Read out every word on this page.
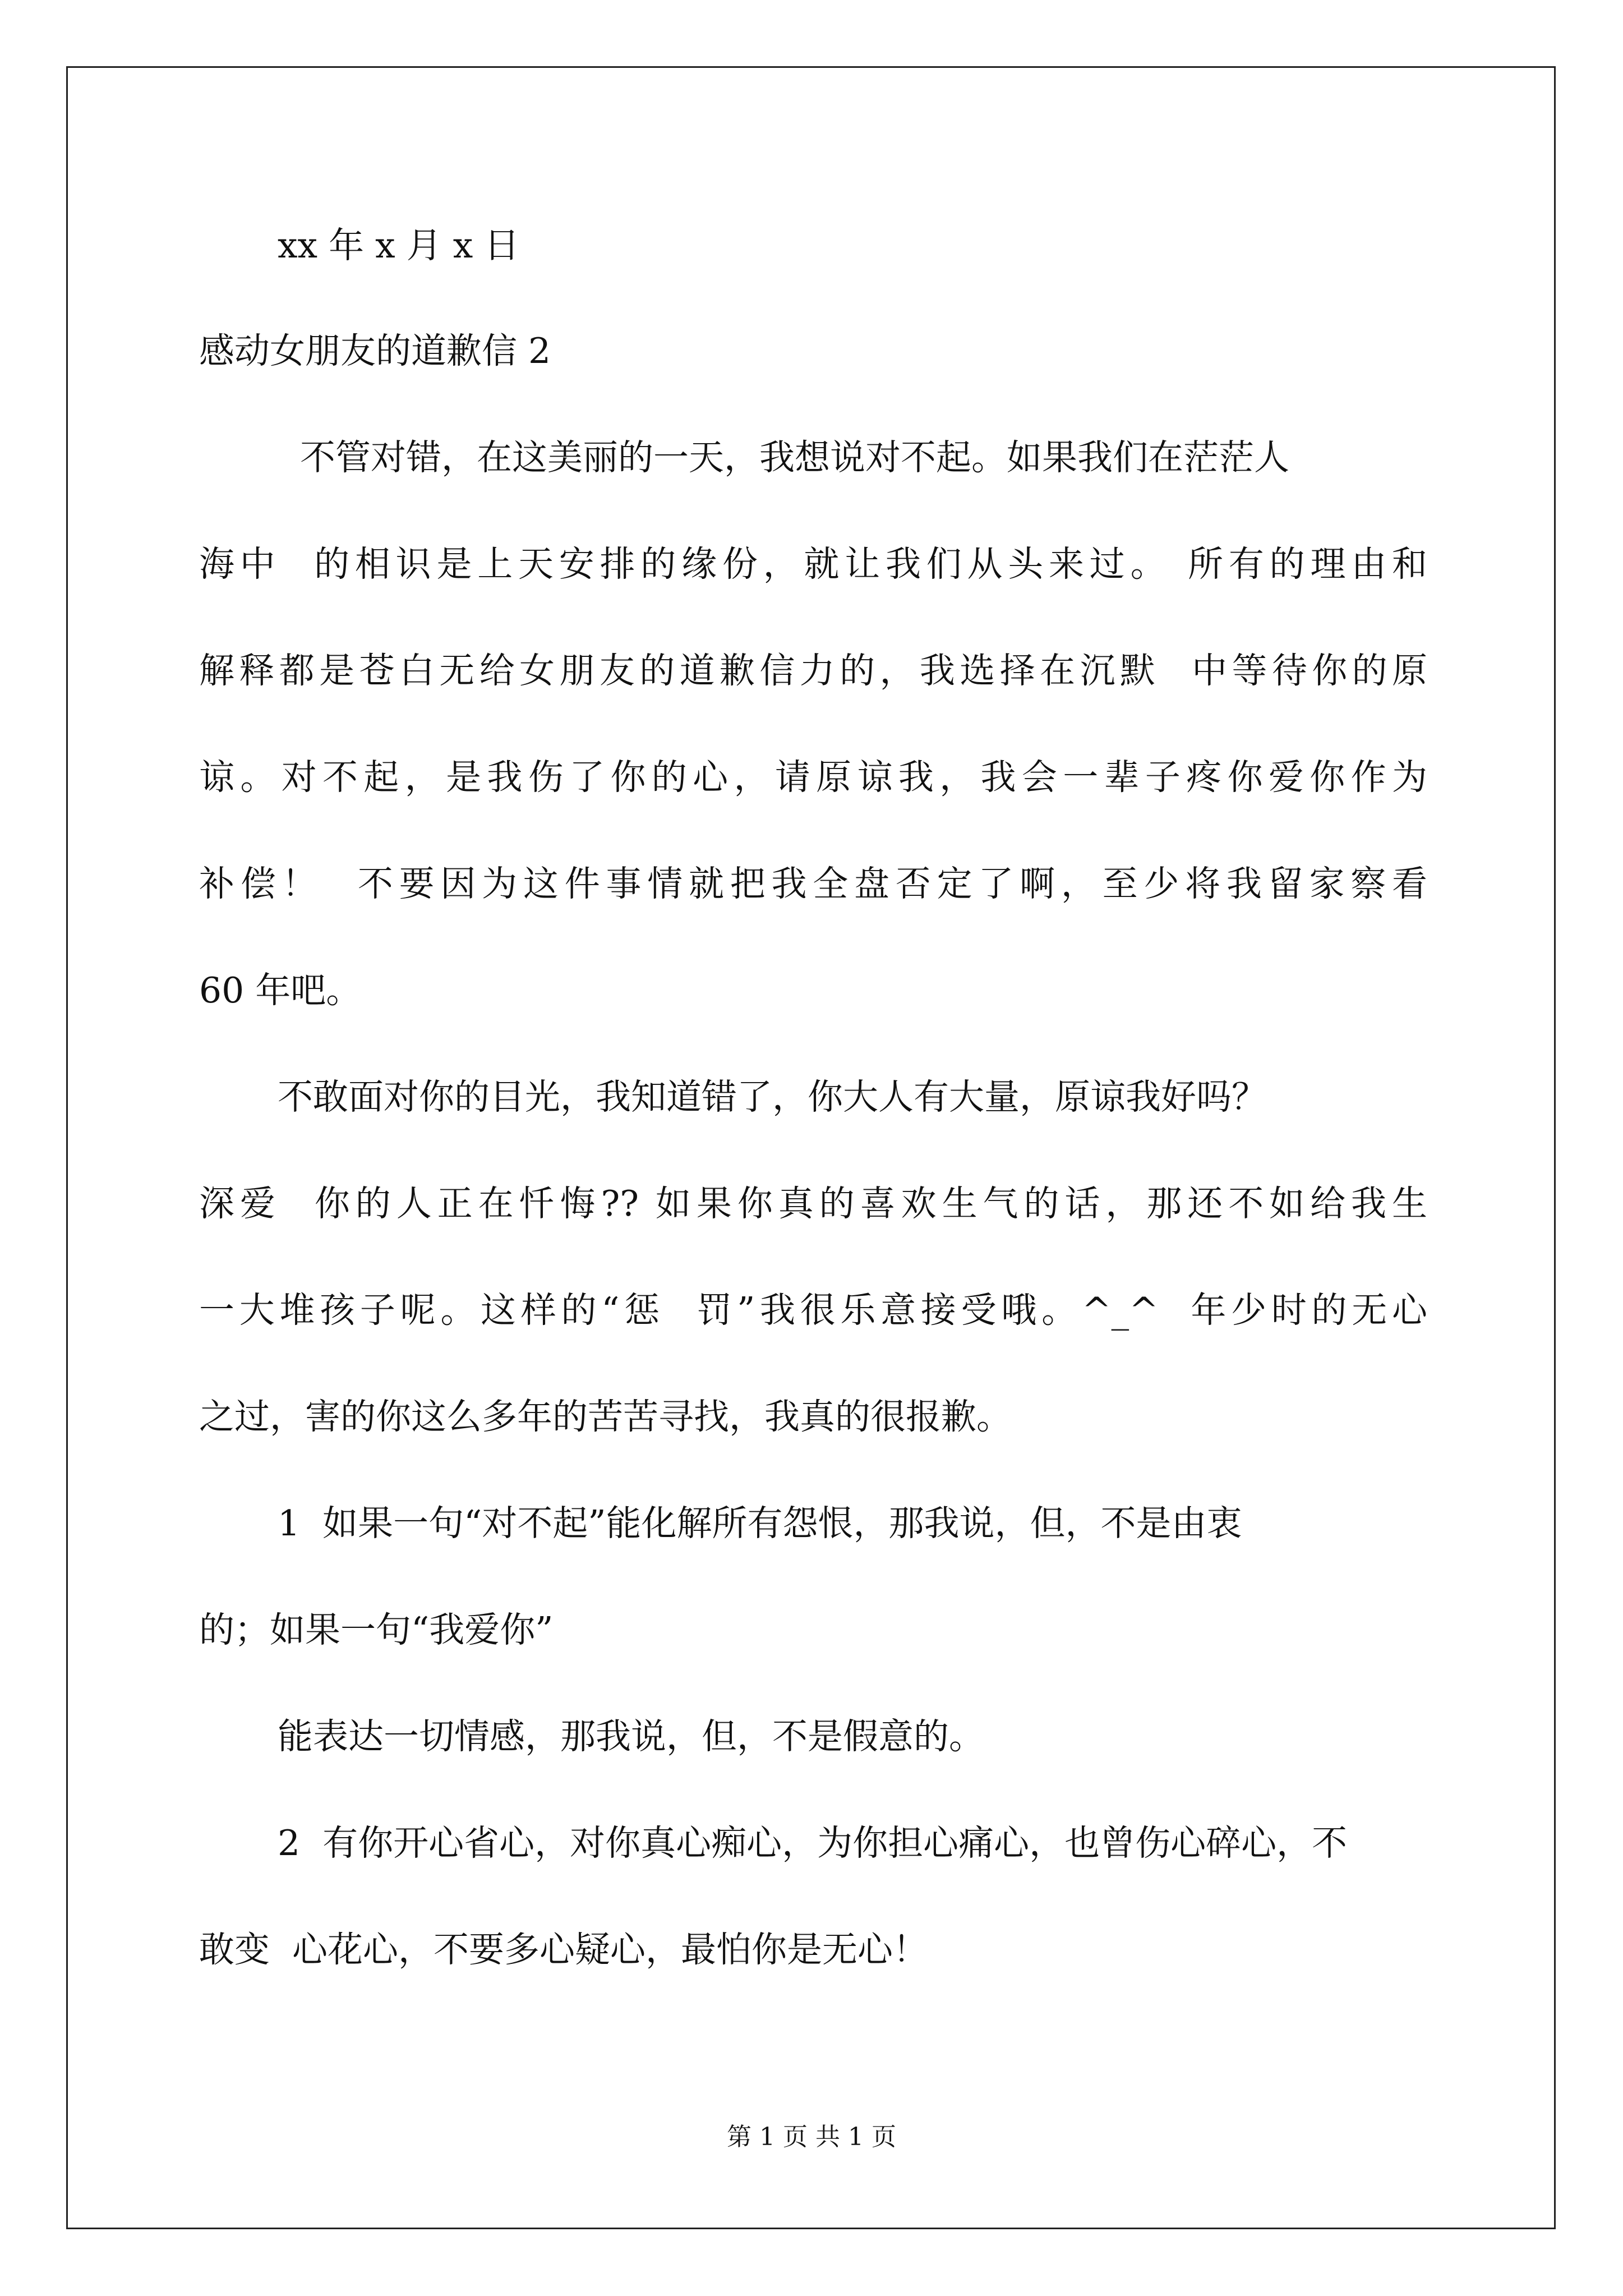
xx 年 x 月 x 日
感动女朋友的道歉信 2
不管对错，在这美丽的一天，我想说对不起。如果我们在茫茫人
海中  的相识是上天安排的缘份，就让我们从头来过。 所有的理由和
解释都是苍白无给女朋友的道歉信力的，我选择在沉默  中等待你的原
谅。对不起，是我伤了你的心，请原谅我，我会一辈子疼你爱你作为
补偿！  不要因为这件事情就把我全盘否定了啊，至少将我留家察看
60 年吧。
不敢面对你的目光，我知道错了，你大人有大量，原谅我好吗？
深爱  你的人正在忏悔?? 如果你真的喜欢生气的话，那还不如给我生
一大堆孩子呢。这样的“惩  罚”我很乐意接受哦。^_^  年少时的无心
之过，害的你这么多年的苦苦寻找，我真的很报歉。
1  如果一句“对不起”能化解所有怨恨，那我说，但，不是由衷
的；如果一句“我爱你”
能表达一切情感，那我说，但，不是假意的。
2  有你开心省心，对你真心痴心，为你担心痛心，也曾伤心碎心，不
敢变  心花心，不要多心疑心，最怕你是无心！
第 1 页 共 1 页
